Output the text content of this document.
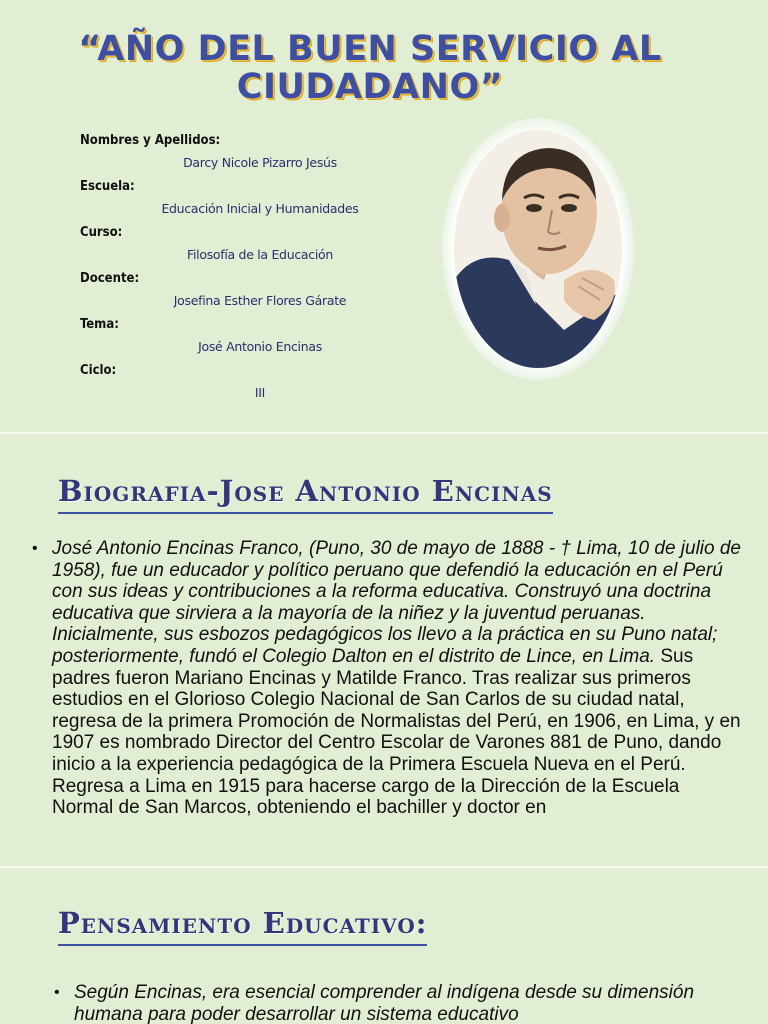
“AÑO DEL BUEN SERVICIO AL CIUDADANO”
Nombres y Apellidos:
Darcy Nicole Pizarro Jesús
Escuela:
Educación Inicial y Humanidades
Curso:
Filosofía de la Educación
Docente:
Josefina Esther Flores Gárate
Tema:
José Antonio Encinas
Ciclo:
III
Biografia-Jose Antonio Encinas
• José Antonio Encinas Franco, (Puno, 30 de mayo de 1888 - † Lima, 10 de julio de 1958), fue un educador y político peruano que defendió la educación en el Perú con sus ideas y contribuciones a la reforma educativa. Construyó una doctrina educativa que sirviera a la mayoría de la niñez y la juventud peruanas. Inicialmente, sus esbozos pedagógicos los llevo a la práctica en su Puno natal; posteriormente, fundó el Colegio Dalton en el distrito de Lince, en Lima. Sus padres fueron Mariano Encinas y Matilde Franco. Tras realizar sus primeros estudios en el Glorioso Colegio Nacional de San Carlos de su ciudad natal, regresa de la primera Promoción de Normalistas del Perú, en 1906, en Lima, y en 1907 es nombrado Director del Centro Escolar de Varones 881 de Puno, dando inicio a la experiencia pedagógica de la Primera Escuela Nueva en el Perú. Regresa a Lima en 1915 para hacerse cargo de la Dirección de la Escuela Normal de San Marcos, obteniendo el bachiller y doctor en
Pensamiento Educativo:
• Según Encinas, era esencial comprender al indígena desde su dimensión humana para poder desarrollar un sistema educativo
